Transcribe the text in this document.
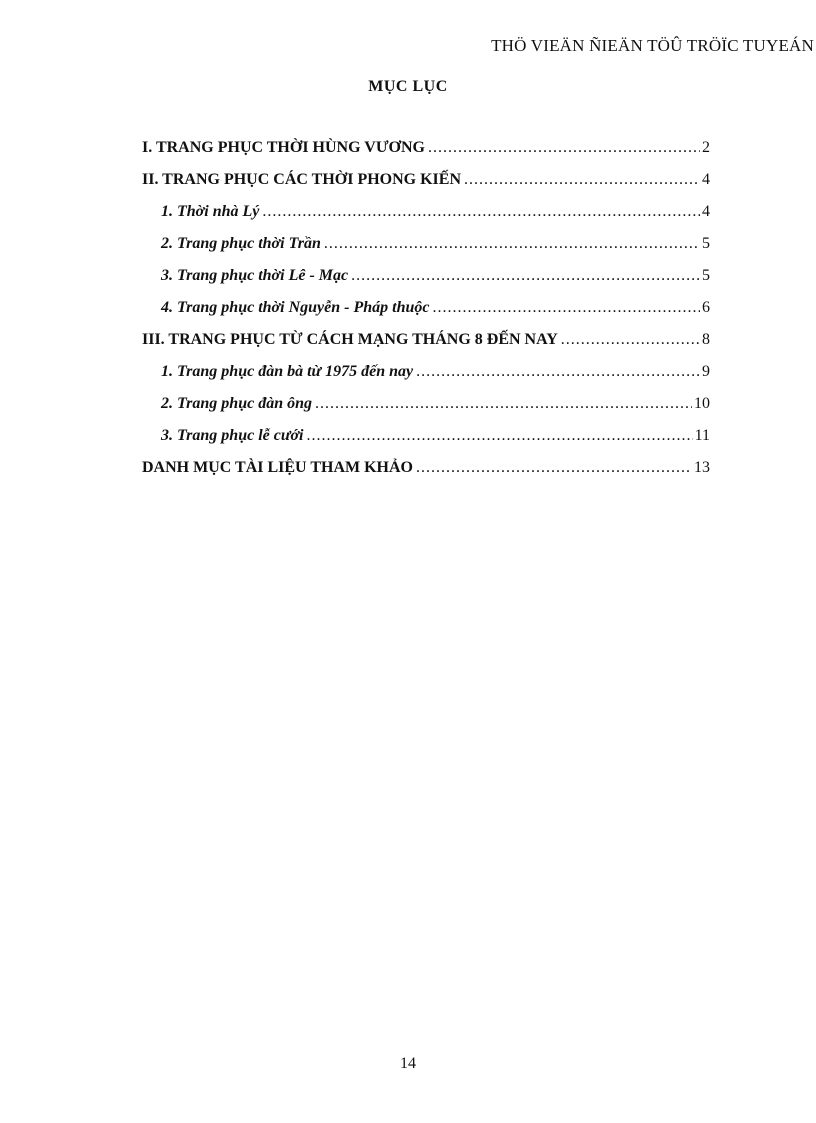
THÖ VIEÄN ÑIEÄN TÖÛ TRÖÏC TUYEÁN
MỤC LỤC
I. TRANG PHỤC THỜI HÙNG VƯƠNG .....	2
II. TRANG PHỤC CÁC THỜI PHONG KIẾN .....	4
1. Thời nhà Lý .....	4
2. Trang phục thời Trần .....	5
3. Trang phục thời Lê - Mạc .....	5
4. Trang phục thời Nguyễn - Pháp thuộc .....	6
III. TRANG PHỤC TỪ CÁCH MẠNG THÁNG 8 ĐẾN NAY .....	8
1. Trang phục đàn bà từ 1975 đến nay .....	9
2. Trang phục đàn ông .....	10
3. Trang phục lễ cưới .....	11
DANH MỤC TÀI LIỆU THAM KHẢO .....	13
14
